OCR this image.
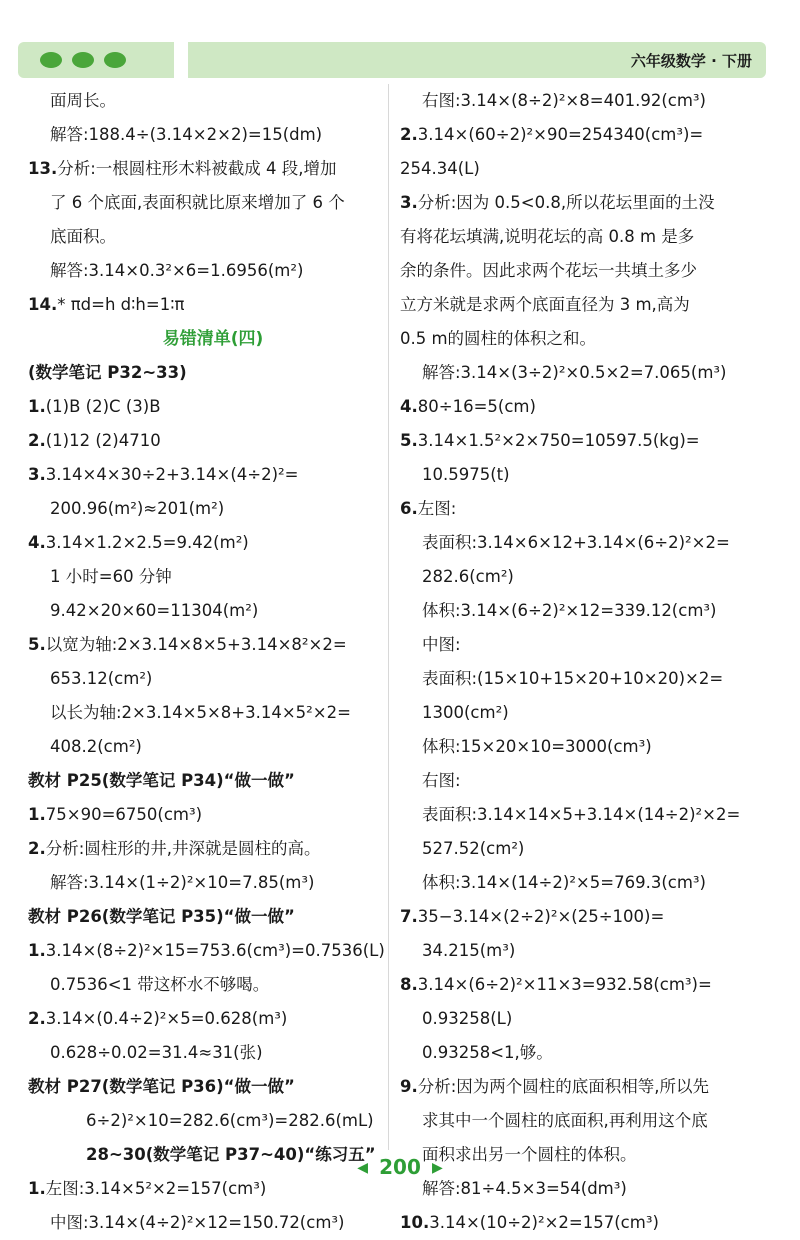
六年级数学 · 下册
面周长。
解答:188.4÷(3.14×2×2)=15(dm)
13.分析:一根圆柱形木料被截成 4 段,增加
了 6 个底面,表面积就比原来增加了 6 个
底面积。
解答:3.14×0.3²×6=1.6956(m²)
14.* πd=h d∶h=1∶π
易错清单(四)
(数学笔记 P32~33)
1.(1)B (2)C (3)B
2.(1)12 (2)4710
3.3.14×4×30÷2+3.14×(4÷2)²=
200.96(m²)≈201(m²)
4.3.14×1.2×2.5=9.42(m²)
1 小时=60 分钟
9.42×20×60=11304(m²)
5.以宽为轴:2×3.14×8×5+3.14×8²×2=
653.12(cm²)
以长为轴:2×3.14×5×8+3.14×5²×2=
408.2(cm²)
教材 P25(数学笔记 P34)“做一做”
1.75×90=6750(cm³)
2.分析:圆柱形的井,井深就是圆柱的高。
解答:3.14×(1÷2)²×10=7.85(m³)
教材 P26(数学笔记 P35)“做一做”
1.3.14×(8÷2)²×15=753.6(cm³)=0.7536(L)
0.7536<1 带这杯水不够喝。
2.3.14×(0.4÷2)²×5=0.628(m³)
0.628÷0.02=31.4≈31(张)
教材 P27(数学笔记 P36)“做一做”
6÷2)²×10=282.6(cm³)=282.6(mL)
28~30(数学笔记 P37~40)“练习五”
1.左图:3.14×5²×2=157(cm³)
中图:3.14×(4÷2)²×12=150.72(cm³)
右图:3.14×(8÷2)²×8=401.92(cm³)
2.3.14×(60÷2)²×90=254340(cm³)=
254.34(L)
3.分析:因为 0.5<0.8,所以花坛里面的土没
有将花坛填满,说明花坛的高 0.8 m 是多
余的条件。因此求两个花坛一共填土多少
立方米就是求两个底面直径为 3 m,高为
0.5 m的圆柱的体积之和。
解答:3.14×(3÷2)²×0.5×2=7.065(m³)
4.80÷16=5(cm)
5.3.14×1.5²×2×750=10597.5(kg)=
10.5975(t)
6.左图:
表面积:3.14×6×12+3.14×(6÷2)²×2=
282.6(cm²)
体积:3.14×(6÷2)²×12=339.12(cm³)
中图:
表面积:(15×10+15×20+10×20)×2=
1300(cm²)
体积:15×20×10=3000(cm³)
右图:
表面积:3.14×14×5+3.14×(14÷2)²×2=
527.52(cm²)
体积:3.14×(14÷2)²×5=769.3(cm³)
7.35−3.14×(2÷2)²×(25÷100)=
34.215(m³)
8.3.14×(6÷2)²×11×3=932.58(cm³)=
0.93258(L)
0.93258<1,够。
9.分析:因为两个圆柱的底面积相等,所以先
求其中一个圆柱的底面积,再利用这个底
面积求出另一个圆柱的体积。
解答:81÷4.5×3=54(dm³)
10.3.14×(10÷2)²×2=157(cm³)
◀ 200 ▶
